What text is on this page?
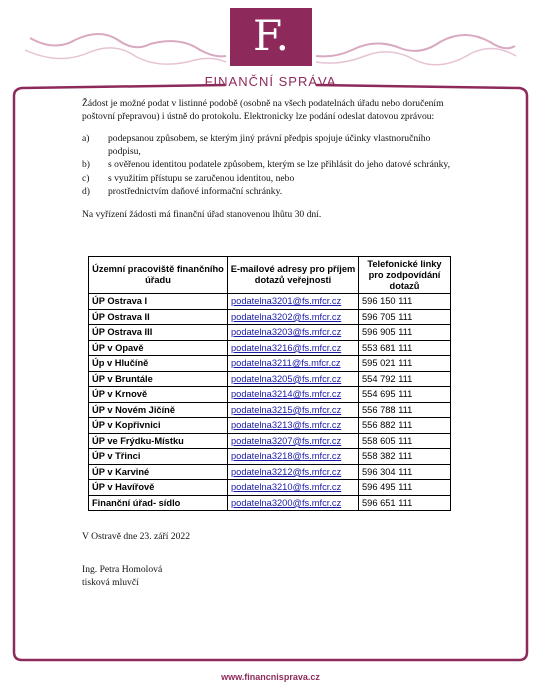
F.
FINANČNÍ SPRÁVA

Žádost je možné podat v listinné podobě (osobně na všech podatelnách úřadu nebo doručením poštovní přepravou) i ústně do protokolu. Elektronicky lze podání odeslat datovou zprávou:

a) podepsanou způsobem, se kterým jiný právní předpis spojuje účinky vlastnoručního podpisu,
b) s ověřenou identitou podatele způsobem, kterým se lze přihlásit do jeho datové schránky,
c) s využitím přístupu se zaručenou identitou, nebo
d) prostřednictvím daňové informační schránky.

Na vyřízení žádosti má finanční úřad stanovenou lhůtu 30 dní.

Územní pracoviště finančního úřadu	E-mailové adresy pro příjem dotazů veřejnosti	Telefonické linky pro zodpovídání dotazů
ÚP Ostrava I	podatelna3201@fs.mfcr.cz	596 150 111
ÚP Ostrava II	podatelna3202@fs.mfcr.cz	596 705 111
ÚP Ostrava III	podatelna3203@fs.mfcr.cz	596 905 111
ÚP v Opavě	podatelna3216@fs.mfcr.cz	553 681 111
Úp v Hlučíně	podatelna3211@fs.mfcr.cz	595 021 111
ÚP v Bruntále	podatelna3205@fs.mfcr.cz	554 792 111
ÚP v Krnově	podatelna3214@fs.mfcr.cz	554 695 111
ÚP v Novém Jičíně	podatelna3215@fs.mfcr.cz	556 788 111
ÚP v Kopřivnici	podatelna3213@fs.mfcr.cz	556 882 111
ÚP ve Frýdku-Místku	podatelna3207@fs.mfcr.cz	558 605 111
ÚP v Třinci	podatelna3218@fs.mfcr.cz	558 382 111
ÚP v Karviné	podatelna3212@fs.mfcr.cz	596 304 111
ÚP v Havířově	podatelna3210@fs.mfcr.cz	596 495 111
Finanční úřad- sídlo	podatelna3200@fs.mfcr.cz	596 651 111
V Ostravě dne 23. září 2022
Ing. Petra Homolová
tisková mluvčí
www.financnisprava.cz
